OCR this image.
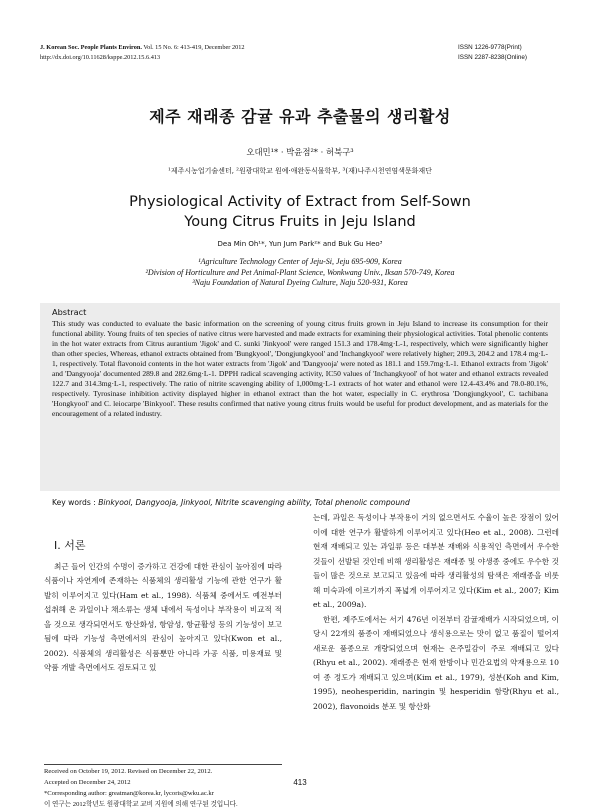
J. Korean Soc. People Plants Environ. Vol. 15 No. 6: 413-419, December 2012
http://dx.doi.org/10.11628/ksppe.2012.15.6.413
ISSN 1226-9778(Print)
ISSN 2287-8238(Online)
제주 재래종 감귤 유과 추출물의 생리활성
오대민¹* · 박윤점²* · 허북구³
¹제주시농업기술센터, ²원광대학교 원예·애완동식물학부, ³(재)나주시천연염색문화재단
Physiological Activity of Extract from Self-Sown
Young Citrus Fruits in Jeju Island
Dea Min Oh¹*, Yun Jum Park²* and Buk Gu Heo³
¹Agriculture Technology Center of Jeju-Si, Jeju 695-909, Korea
²Division of Horticulture and Pet Animal-Plant Science, Wonkwang Univ., Iksan 570-749, Korea
³Naju Foundation of Natural Dyeing Culture, Naju 520-931, Korea
Abstract
This study was conducted to evaluate the basic information on the screening of young citrus fruits grown in Jeju Island to increase its consumption for their functional ability. Young fruits of ten species of native citrus were harvested and made extracts for examining their physiological activities. Total phenolic contents in the hot water extracts from Citrus aurantium 'Jigok' and C. sunki 'Jinkyool' were ranged 151.3 and 178.4mg·L-1, respectively, which were significantly higher than other species, Whereas, ethanol extracts obtained from 'Bungkyool', 'Dongjungkyool' and 'Inchangkyool' were relatively higher; 209.3, 204.2 and 178.4 mg·L-1, respectively. Total flavonoid contents in the hot water extracts from 'Jigok' and 'Dangyooja' were noted as 181.1 and 159.7mg·L-1. Ethanol extracts from 'Jigok' and 'Dangyooja' documented 289.8 and 282.6mg·L-1. DPPH radical scavenging activity, IC50 values of 'Inchangkyool' of hot water and ethanol extracts revealed 122.7 and 314.3mg·L-1, respectively. The ratio of nitrite scavenging ability of 1,000mg·L-1 extracts of hot water and ethanol were 12.4-43.4% and 78.0-80.1%, respectively. Tyrosinase inhibition activity displayed higher in ethanol extract than the hot water, especially in C. erythrosa 'Dongjungkyool', C. tachibana 'Hongkyool' and C. leiocarpe 'Binkyool'. These results confirmed that native young citrus fruits would be useful for product development, and as materials for the encouragement of a related industry.
Key words : Binkyool, Dangyooja, Jinkyool, Nitrite scavenging ability, Total phenolic compound
Ⅰ. 서론

최근 들어 인간의 수명이 증가하고 건강에 대한 관심이 높아짐에 따라 식품이나 자연계에 존재하는 식품체의 생리활성 기능에 관한 연구가 활발히 이루어지고 있다(Ham et al., 1998). 식품체 중에서도 예전부터 섭취해 온 과일이나 채소류는 생체 내에서 독성이나 부작용이 비교적 적을 것으로 생각되면서도 항산화성, 항암성, 항균활성 등의 기능성이 보고됨에 따라 기능성 측면에서의 관심이 높아지고 있다(Kwon et al., 2002). 식품체의 생리활성은 식품뿐만 아니라 가공 식품, 미용재료 및 약품 개발 측면에서도 검토되고 있

는데, 과일은 독성이나 부작용이 거의 없으면서도 수율이 높은 장점이 있어 이에 대한 연구가 활발하게 이루어지고 있다(Heo et al., 2008). 그런데 현재 재배되고 있는 과일류 등은 대부분 재배와 식용적인 측면에서 우수한 것들이 선발된 것인데 비해 생리활성은 재래종 및 야생종 중에도 우수한 것들이 많은 것으로 보고되고 있음에 따라 생리활성의 탐색은 재래종을 비롯해 미숙과에 이르기까지 폭넓게 이루어지고 있다(Kim et al., 2007; Kim et al., 2009a).

한편, 제주도에서는 서기 476년 이전부터 감귤재배가 시작되었으며, 이 당시 22개의 품종이 재배되었으나 생식용으로는 맛이 없고 품질이 떨어져 새로운 품종으로 개량되었으며 현재는 온주밀감이 주로 재배되고 있다(Rhyu et al., 2002). 재래종은 현재 한방이나 민간요법의 약재용으로 10여 종 정도가 재배되고 있으며(Kim et al., 1979), 성분(Koh and Kim, 1995), neohesperidin, naringin 및 hesperidin 함량(Rhyu et al., 2002), flavonoids 분포 및 항산화

Received on October 19, 2012. Revised on December 22, 2012.
Accepted on December 24, 2012
*Corresponding author: greatman@korea.kr, lycoris@wku.ac.kr
이 연구는 2012학년도 원광대학교 교비 지원에 의해 연구된 것입니다.
413
